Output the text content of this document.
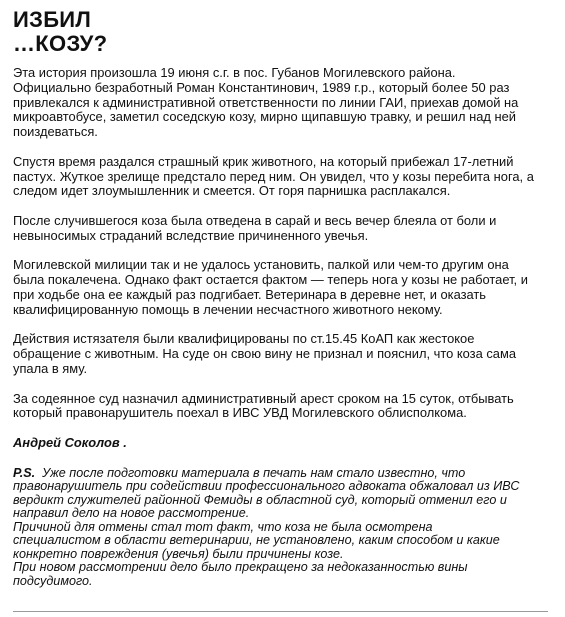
ИЗБИЛ
…КОЗУ?

Эта история произошла 19 июня с.г. в пос. Губанов Могилевского района.
Официально безработный Роман Константинович, 1989 г.р., который более 50 раз
привлекался к административной ответственности по линии ГАИ, приехав домой на
микроавтобусе, заметил соседскую козу, мирно щипавшую травку, и решил над ней
поиздеваться.

Спустя время раздался страшный крик животного, на который прибежал 17-летний
пастух. Жуткое зрелище предстало перед ним. Он увидел, что у козы перебита нога, а
следом идет злоумышленник и смеется. От горя парнишка расплакался.

После случившегося коза была отведена в сарай и весь вечер блеяла от боли и
невыносимых страданий вследствие причиненного увечья.

Могилевской милиции так и не удалось установить, палкой или чем-то другим она
была покалечена. Однако факт остается фактом — теперь нога у козы не работает, и
при ходьбе она ее каждый раз подгибает. Ветеринара в деревне нет, и оказать
квалифицированную помощь в лечении несчастного животного некому.

Действия истязателя были квалифицированы по ст.15.45 КоАП как жестокое
обращение с животным. На суде он свою вину не признал и пояснил, что коза сама
упала в яму.

За содеянное суд назначил административный арест сроком на 15 суток, отбывать
который правонарушитель поехал в ИВС УВД Могилевского облисполкома.

Андрей Соколов .

P.S.  Уже после подготовки материала в печать нам стало известно, что
правонарушитель при содействии профессионального адвоката обжаловал из ИВС
вердикт служителей районной Фемиды в областной суд, который отменил его и
направил дело на новое рассмотрение.
Причиной для отмены стал тот факт, что коза не была осмотрена
специалистом в области ветеринарии, не установлено, каким способом и какие
конкретно повреждения (увечья) были причинены козе.
При новом рассмотрении дело было прекращено за недоказанностью вины
подсудимого.
